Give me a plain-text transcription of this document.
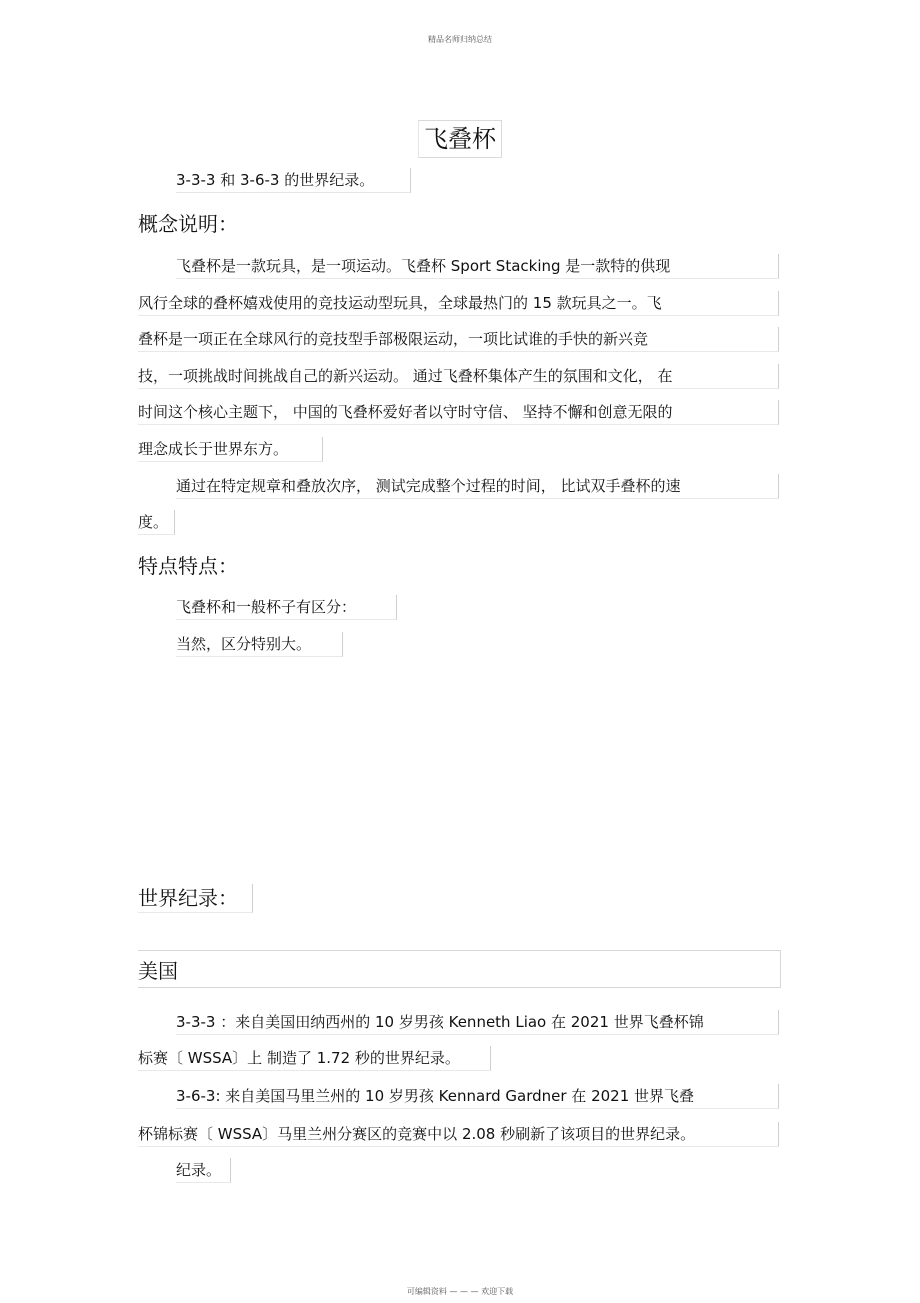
精品名师归纳总结
飞叠杯
3-3-3 和 3-6-3 的世界纪录。
概念说明：
飞叠杯是一款玩具，是一项运动。飞叠杯 Sport Stacking 是一款特的供现
风行全球的叠杯嬉戏使用的竞技运动型玩具，全球最热门的 15 款玩具之一。飞
叠杯是一项正在全球风行的竞技型手部极限运动，一项比试谁的手快的新兴竞
技，一项挑战时间挑战自己的新兴运动。 通过飞叠杯集体产生的氛围和文化， 在
时间这个核心主题下， 中国的飞叠杯爱好者以守时守信、 坚持不懈和创意无限的
理念成长于世界东方。
通过在特定规章和叠放次序， 测试完成整个过程的时间， 比试双手叠杯的速
度。
特点特点：
飞叠杯和一般杯子有区分：
当然，区分特别大。
世界纪录：
美国
3-3-3 ：来自美国田纳西州的 10 岁男孩 Kenneth Liao 在 2021 世界飞叠杯锦
标赛〔 WSSA〕上 制造了 1.72 秒的世界纪录。
3-6-3: 来自美国马里兰州的 10 岁男孩 Kennard Gardner 在 2021 世界飞叠
杯锦标赛〔 WSSA〕马里兰州分赛区的竞赛中以 2.08 秒刷新了该项目的世界纪录。
纪录。
可编辑资料 — — — 欢迎下载
